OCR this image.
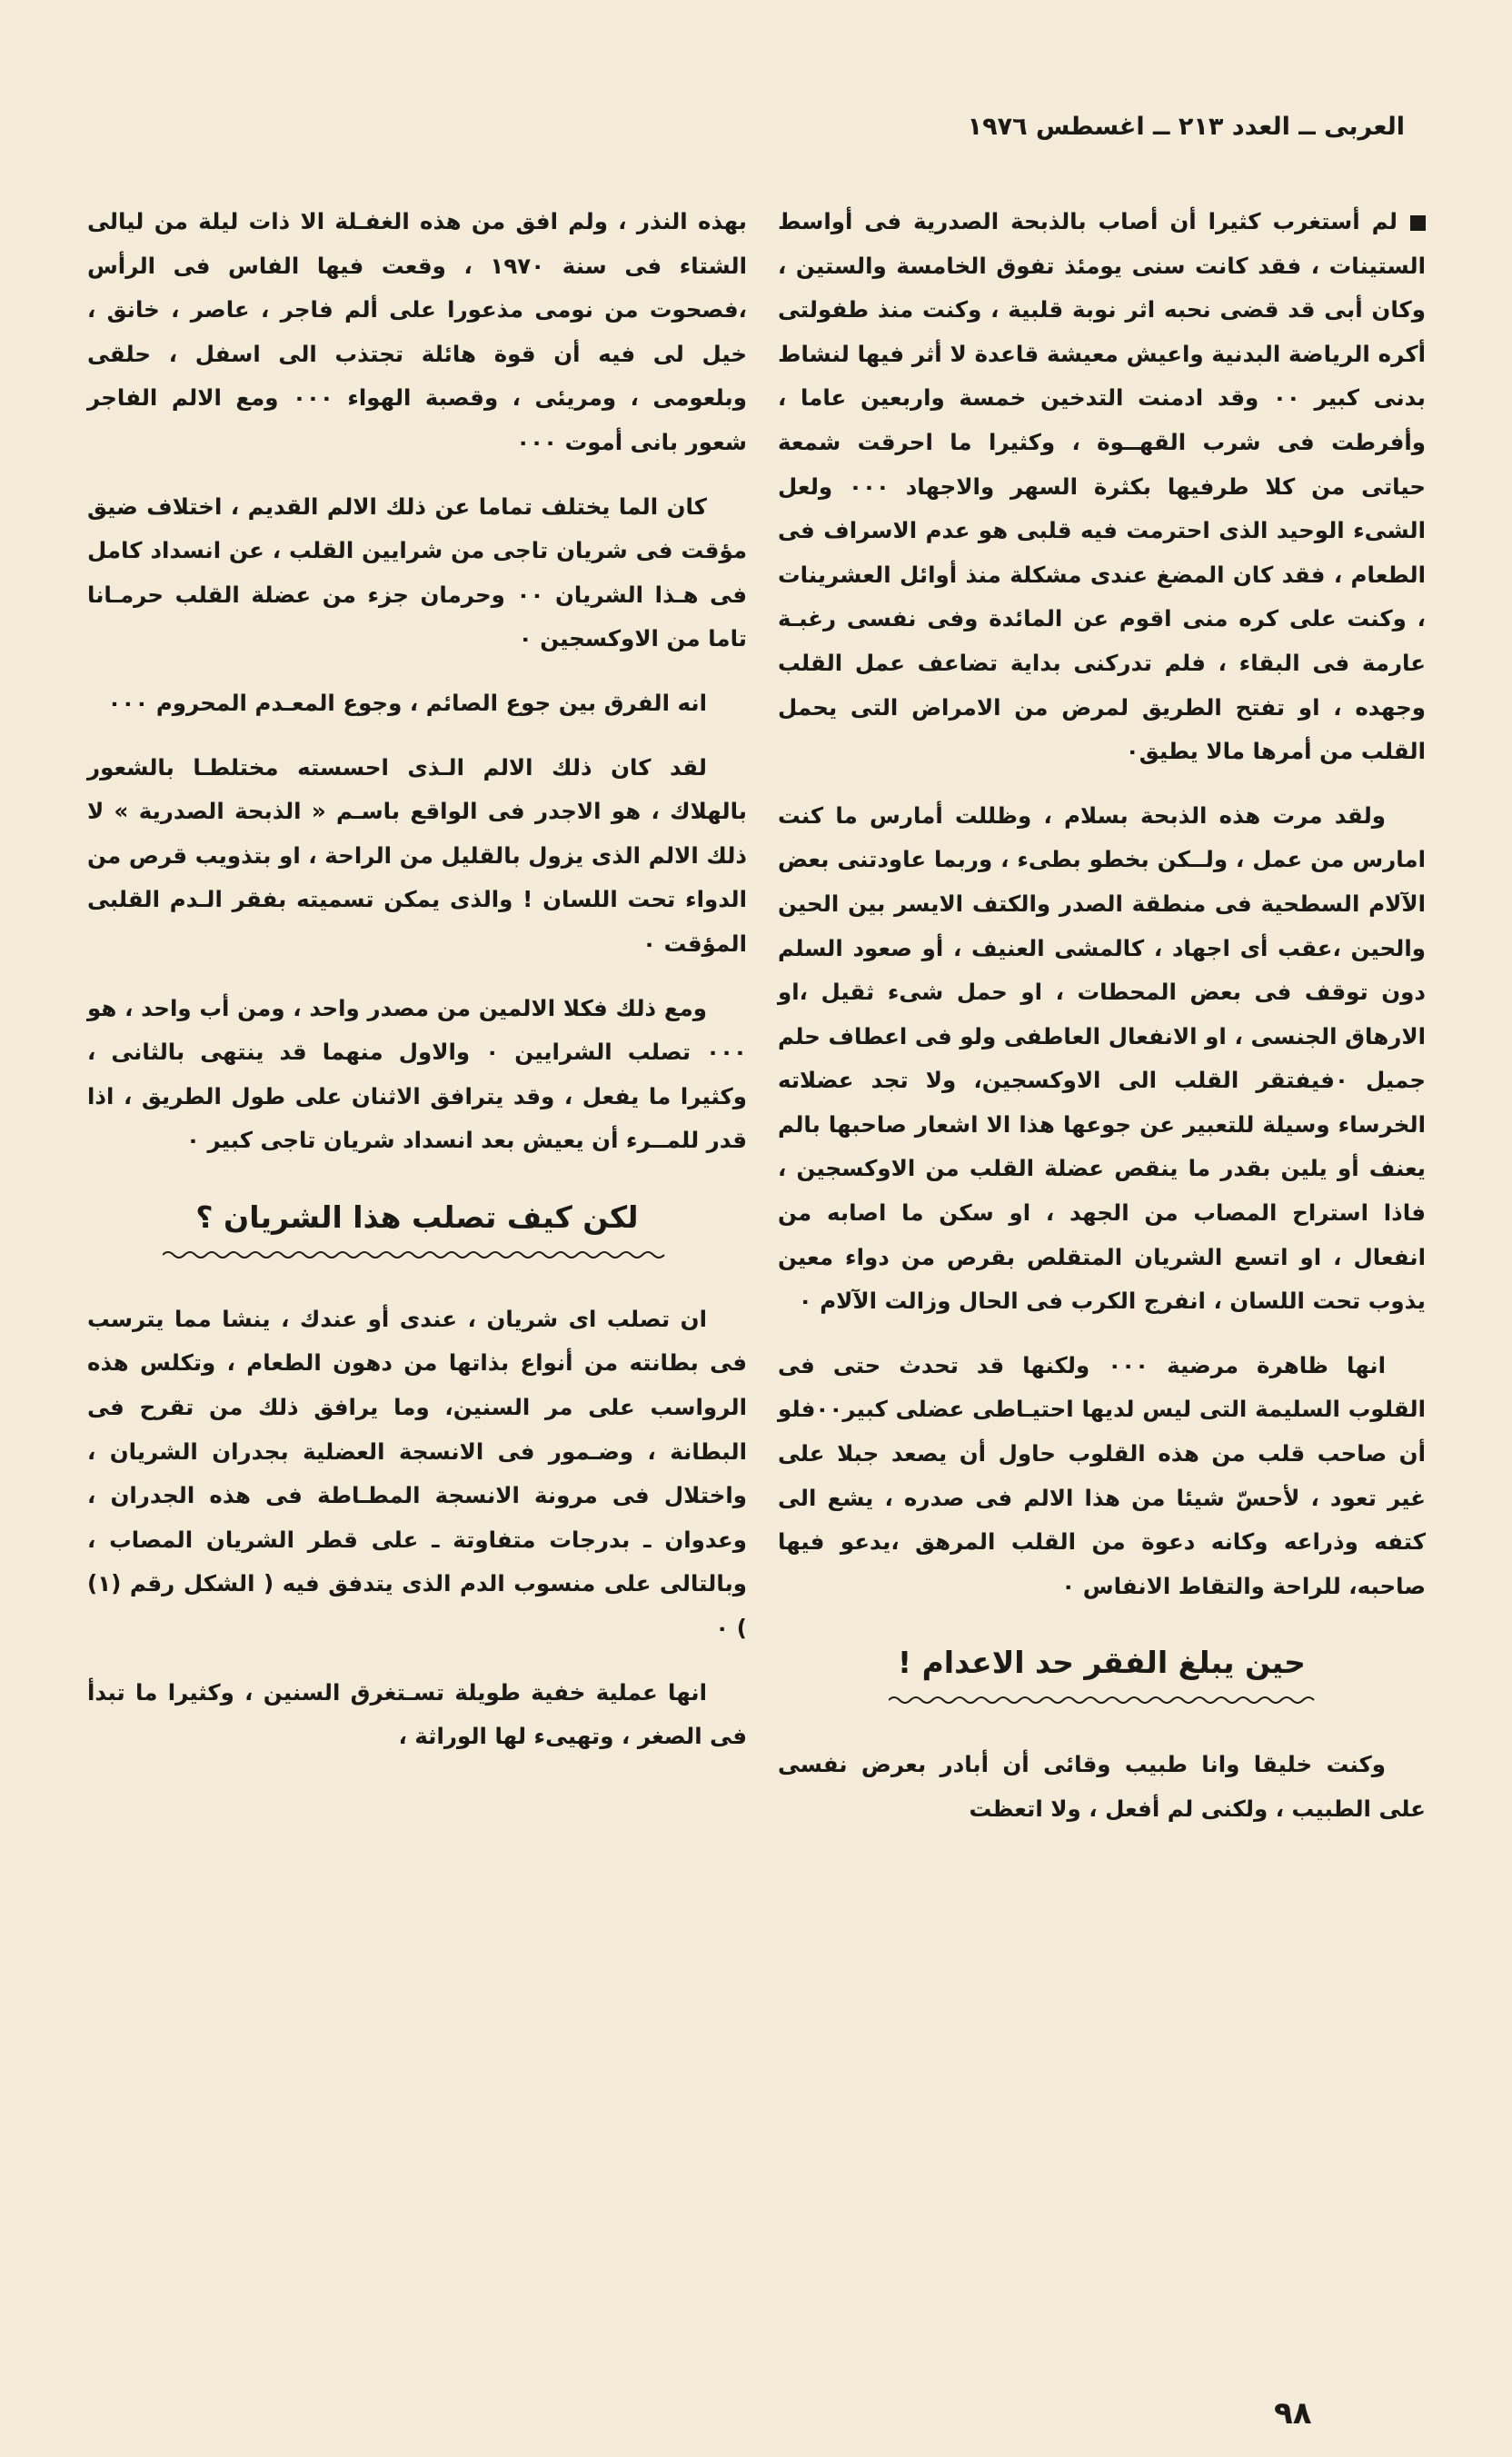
العربى ــ العدد ٢١٣ ــ اغسطس ١٩٧٦

لم أستغرب كثيرا أن أصاب بالذبحة الصدرية فى أواسط الستينات ، فقد كانت سنى يومئذ تفوق الخامسة والستين ، وكان أبى قد قضى نحبه اثر نوبة قلبية ، وكنت منذ طفولتى أكره الرياضة البدنية واعيش معيشة قاعدة لا أثر فيها لنشاط بدنى كبير ٠٠ وقد ادمنت التدخين خمسة واربعين عاما ، وأفرطت فى شرب القهــوة ، وكثيرا ما احرقت شمعة حياتى من كلا طرفيها بكثرة السهر والاجهاد ٠٠٠ ولعل الشىء الوحيد الذى احترمت فيه قلبى هو عدم الاسراف فى الطعام ، فقد كان المضغ عندى مشكلة منذ أوائل العشرينات ، وكنت على كره منى اقوم عن المائدة وفى نفسى رغبـة عارمة فى البقاء ، فلم تدركنى بداية تضاعف عمل القلب وجهده ، او تفتح الطريق لمرض من الامراض التى يحمل القلب من أمرها مالا يطيق٠

ولقد مرت هذه الذبحة بسلام ، وظللت أمارس ما كنت امارس من عمل ، ولــكن بخطو بطىء ، وربما عاودتنى بعض الآلام السطحية فى منطقة الصدر والكتف الايسر بين الحين والحين ،عقب أى اجهاد ، كالمشى العنيف ، أو صعود السلم دون توقف فى بعض المحطات ، او حمل شىء ثقيل ،او الارهاق الجنسى ، او الانفعال العاطفى ولو فى اعطاف حلم جميل ٠فيفتقر القلب الى الاوكسجين، ولا تجد عضلاته الخرساء وسيلة للتعبير عن جوعها هذا الا اشعار صاحبها بالم يعنف أو يلين بقدر ما ينقص عضلة القلب من الاوكسجين ، فاذا استراح المصاب من الجهد ، او سكن ما اصابه من انفعال ، او اتسع الشريان المتقلص بقرص من دواء معين يذوب تحت اللسان ، انفرج الكرب فى الحال وزالت الآلام ٠

انها ظاهرة مرضية ٠٠٠ ولكنها قد تحدث حتى فى القلوب السليمة التى ليس لديها احتيـاطى عضلى كبير٠٠فلو أن صاحب قلب من هذه القلوب حاول أن يصعد جبلا على غير تعود ، لأحسّ شيئا من هذا الالم فى صدره ، يشع الى كتفه وذراعه وكانه دعوة من القلب المرهق ،يدعو فيها صاحبه، للراحة والتقاط الانفاس ٠

حين يبلغ الفقر حد الاعدام !

وكنت خليقا وانا طبيب وقائى أن أبادر بعرض نفسى على الطبيب ، ولكنى لم أفعل ، ولا اتعظت

بهذه النذر ، ولم افق من هذه الغفـلة الا ذات ليلة من ليالى الشتاء فى سنة ١٩٧٠ ، وقعت فيها الفاس فى الرأس ،فصحوت من نومى مذعورا على ألم فاجر ، عاصر ، خانق ، خيل لى فيه أن قوة هائلة تجتذب الى اسفل ، حلقى وبلعومى ، ومريئى ، وقصبة الهواء ٠٠٠ ومع الالم الفاجر شعور بانى أموت ٠٠٠

كان الما يختلف تماما عن ذلك الالم القديم ، اختلاف ضيق مؤقت فى شريان تاجى من شرايين القلب ، عن انسداد كامل فى هـذا الشريان ٠٠ وحرمان جزء من عضلة القلب حرمـانا تاما من الاوكسجين ٠

انه الفرق بين جوع الصائم ، وجوع المعـدم المحروم ٠٠٠

لقد كان ذلك الالم الـذى احسسته مختلطـا بالشعور بالهلاك ، هو الاجدر فى الواقع باسـم « الذبحة الصدرية » لا ذلك الالم الذى يزول بالقليل من الراحة ، او بتذويب قرص من الدواء تحت اللسان ! والذى يمكن تسميته بفقر الـدم القلبى المؤقت ٠

ومع ذلك فكلا الالمين من مصدر واحد ، ومن أب واحد ، هو ٠٠٠ تصلب الشرايين ٠ والاول منهما قد ينتهى بالثانى ، وكثيرا ما يفعل ، وقد يترافق الاثنان على طول الطريق ، اذا قدر للمــرء أن يعيش بعد انسداد شريان تاجى كبير ٠

لكن كيف تصلب هذا الشريان ؟

ان تصلب اى شريان ، عندى أو عندك ، ينشا مما يترسب فى بطانته من أنواع بذاتها من دهون الطعام ، وتكلس هذه الرواسب على مر السنين، وما يرافق ذلك من تقرح فى البطانة ، وضـمور فى الانسجة العضلية بجدران الشريان ، واختلال فى مرونة الانسجة المطـاطة فى هذه الجدران ، وعدوان ـ بدرجات متفاوتة ـ على قطر الشريان المصاب ، وبالتالى على منسوب الدم الذى يتدفق فيه ( الشكل رقم (١) ) ٠

انها عملية خفية طويلة تسـتغرق السنين ، وكثيرا ما تبدأ فى الصغر ، وتهيىء لها الوراثة ،

٩٨
